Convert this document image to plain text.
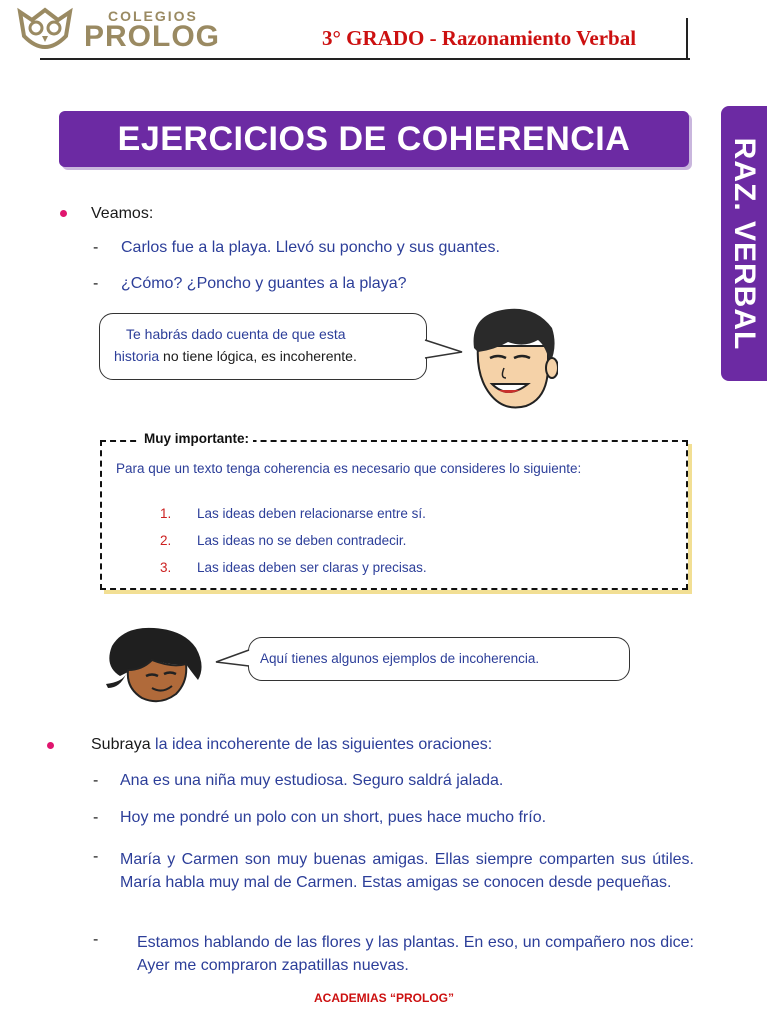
COLEGIOS
PROLOG	3° GRADO - Razonamiento Verbal
EJERCICIOS DE COHERENCIA	RAZ. VERBAL
Veamos:
- Carlos fue a la playa. Llevó su poncho y sus guantes.
- ¿Cómo? ¿Poncho y guantes a la playa?
Te habrás dado cuenta de que esta
historia no tiene lógica, es incoherente.
Muy importante:
Para que un texto tenga coherencia es necesario que consideres lo siguiente:
1. Las ideas deben relacionarse entre sí.
2. Las ideas no se deben contradecir.
3. Las ideas deben ser claras y precisas.
Aquí tienes algunos ejemplos de incoherencia.
Subraya la idea incoherente de las siguientes oraciones:
- Ana es una niña muy estudiosa. Seguro saldrá jalada.
- Hoy me pondré un polo con un short, pues hace mucho frío.
- María y Carmen son muy buenas amigas. Ellas siempre comparten sus útiles. María habla muy mal de Carmen. Estas amigas se conocen desde pequeñas.
- Estamos hablando de las flores y las plantas. En eso, un compañero nos dice: Ayer me compraron zapatillas nuevas.
ACADEMIAS “PROLOG”
